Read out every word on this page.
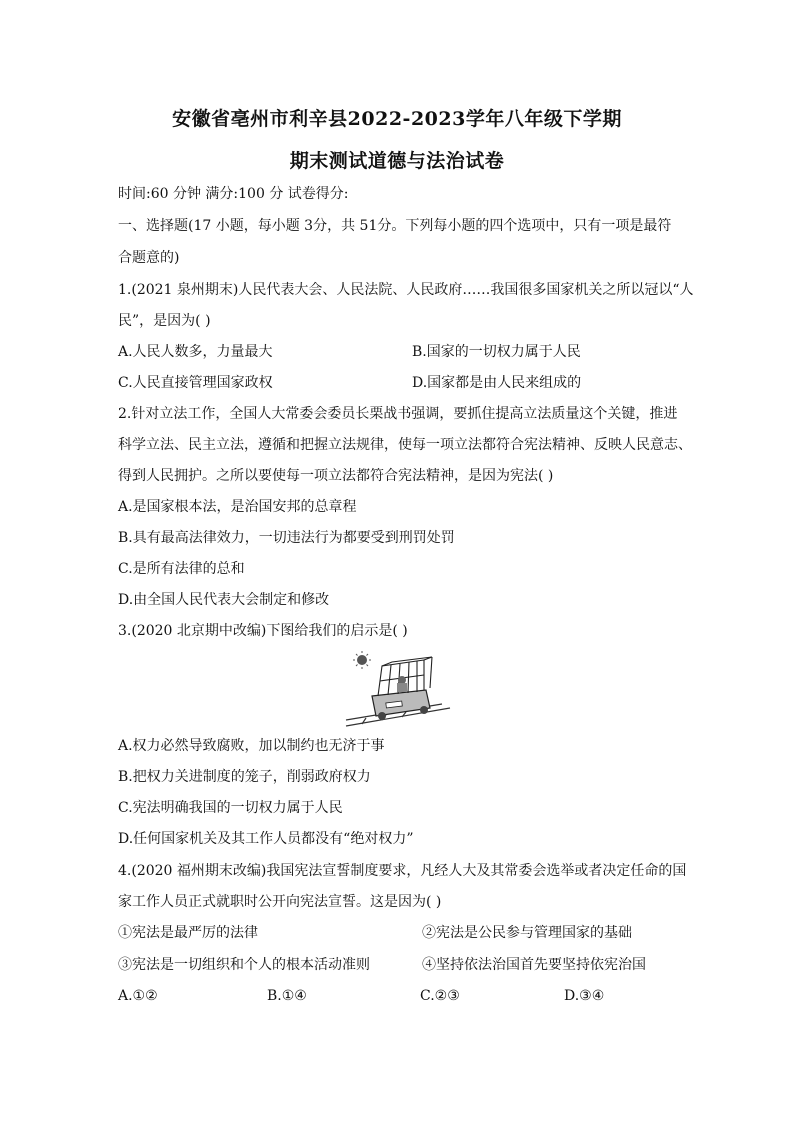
安徽省亳州市利辛县2022-2023学年八年级下学期
期末测试道德与法治试卷
时间:60 分钟 满分:100 分 试卷得分:
一、选择题(17 小题，每小题 3分，共 51分。下列每小题的四个选项中，只有一项是最符
合题意的)
1.(2021 泉州期末)人民代表大会、人民法院、人民政府……我国很多国家机关之所以冠以“人
民”，是因为( )
A.人民人数多，力量最大	B.国家的一切权力属于人民
C.人民直接管理国家政权	D.国家都是由人民来组成的
2.针对立法工作，全国人大常委会委员长栗战书强调，要抓住提高立法质量这个关键，推进
科学立法、民主立法，遵循和把握立法规律，使每一项立法都符合宪法精神、反映人民意志、
得到人民拥护。之所以要使每一项立法都符合宪法精神，是因为宪法( )
A.是国家根本法，是治国安邦的总章程
B.具有最高法律效力，一切违法行为都要受到刑罚处罚
C.是所有法律的总和
D.由全国人民代表大会制定和修改
3.(2020 北京期中改编)下图给我们的启示是( )
A.权力必然导致腐败，加以制约也无济于事
B.把权力关进制度的笼子，削弱政府权力
C.宪法明确我国的一切权力属于人民
D.任何国家机关及其工作人员都没有“绝对权力”
4.(2020 福州期末改编)我国宪法宣誓制度要求，凡经人大及其常委会选举或者决定任命的国
家工作人员正式就职时公开向宪法宣誓。这是因为( )
①宪法是最严厉的法律	②宪法是公民参与管理国家的基础
③宪法是一切组织和个人的根本活动准则	④坚持依法治国首先要坚持依宪治国
A.①②	B.①④	C.②③	D.③④
